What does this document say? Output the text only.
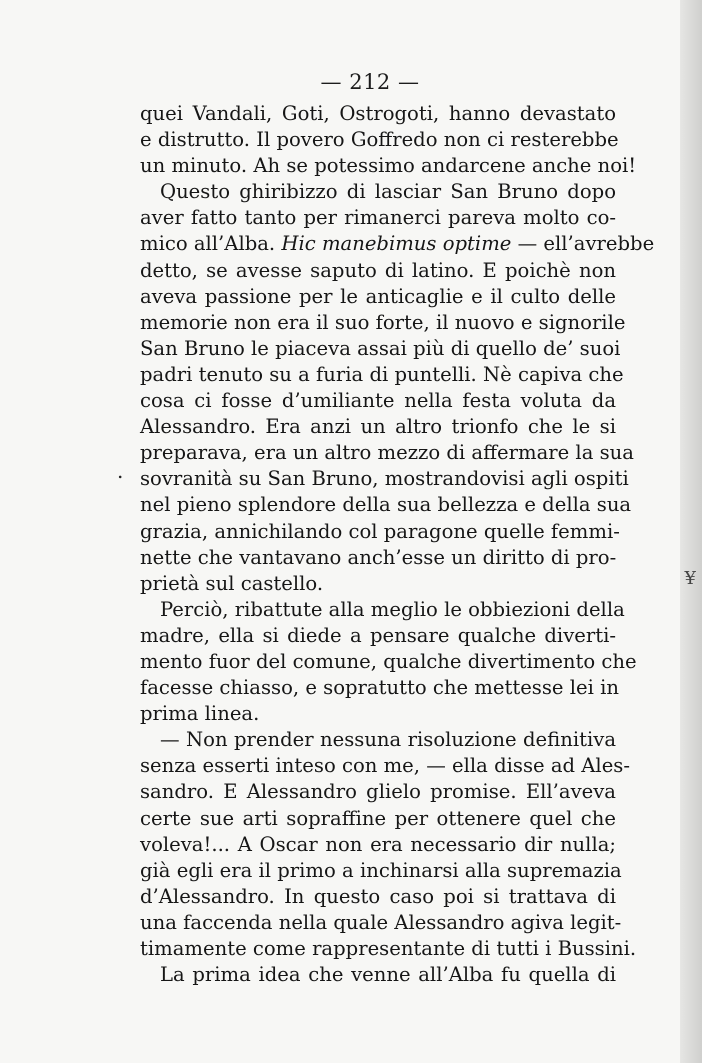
— 212 —
.
¥
quei Vandali, Goti, Ostrogoti, hanno devastato
e distrutto. Il povero Goffredo non ci resterebbe
un minuto. Ah se potessimo andarcene anche noi!
Questo ghiribizzo di lasciar San Bruno dopo
aver fatto tanto per rimanerci pareva molto co-
mico all’Alba. Hic manebimus optime — ell’avrebbe
detto, se avesse saputo di latino. E poichè non
aveva passione per le anticaglie e il culto delle
memorie non era il suo forte, il nuovo e signorile
San Bruno le piaceva assai più di quello de’ suoi
padri tenuto su a furia di puntelli. Nè capiva che
cosa ci fosse d’umiliante nella festa voluta da
Alessandro. Era anzi un altro trionfo che le si
preparava, era un altro mezzo di affermare la sua
sovranità su San Bruno, mostrandovisi agli ospiti
nel pieno splendore della sua bellezza e della sua
grazia, annichilando col paragone quelle femmi-
nette che vantavano anch’esse un diritto di pro-
prietà sul castello.
Perciò, ribattute alla meglio le obbiezioni della
madre, ella si diede a pensare qualche diverti-
mento fuor del comune, qualche divertimento che
facesse chiasso, e sopratutto che mettesse lei in
prima linea.
— Non prender nessuna risoluzione definitiva
senza esserti inteso con me, — ella disse ad Ales-
sandro. E Alessandro glielo promise. Ell’aveva
certe sue arti sopraffine per ottenere quel che
voleva!... A Oscar non era necessario dir nulla;
già egli era il primo a inchinarsi alla supremazia
d’Alessandro. In questo caso poi si trattava di
una faccenda nella quale Alessandro agiva legit-
timamente come rappresentante di tutti i Bussini.
La prima idea che venne all’Alba fu quella di
